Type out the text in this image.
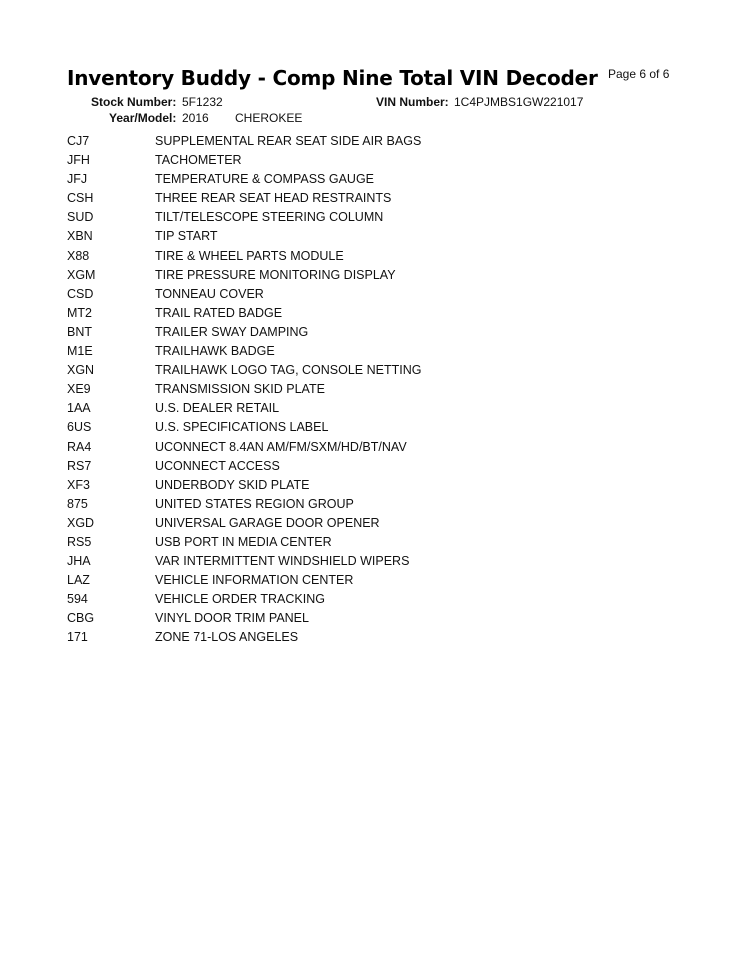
Inventory Buddy - Comp Nine Total VIN Decoder Page 6 of 6
Stock Number: 5F1232	VIN Number: 1C4PJMBS1GW221017
Year/Model: 2016 CHEROKEE
CJ7	SUPPLEMENTAL REAR SEAT SIDE AIR BAGS
JFH	TACHOMETER
JFJ	TEMPERATURE & COMPASS GAUGE
CSH	THREE REAR SEAT HEAD RESTRAINTS
SUD	TILT/TELESCOPE STEERING COLUMN
XBN	TIP START
X88	TIRE & WHEEL PARTS MODULE
XGM	TIRE PRESSURE MONITORING DISPLAY
CSD	TONNEAU COVER
MT2	TRAIL RATED BADGE
BNT	TRAILER SWAY DAMPING
M1E	TRAILHAWK BADGE
XGN	TRAILHAWK LOGO TAG, CONSOLE NETTING
XE9	TRANSMISSION SKID PLATE
1AA	U.S. DEALER RETAIL
6US	U.S. SPECIFICATIONS LABEL
RA4	UCONNECT 8.4AN AM/FM/SXM/HD/BT/NAV
RS7	UCONNECT ACCESS
XF3	UNDERBODY SKID PLATE
875	UNITED STATES REGION GROUP
XGD	UNIVERSAL GARAGE DOOR OPENER
RS5	USB PORT IN MEDIA CENTER
JHA	VAR INTERMITTENT WINDSHIELD WIPERS
LAZ	VEHICLE INFORMATION CENTER
594	VEHICLE ORDER TRACKING
CBG	VINYL DOOR TRIM PANEL
171	ZONE 71-LOS ANGELES
